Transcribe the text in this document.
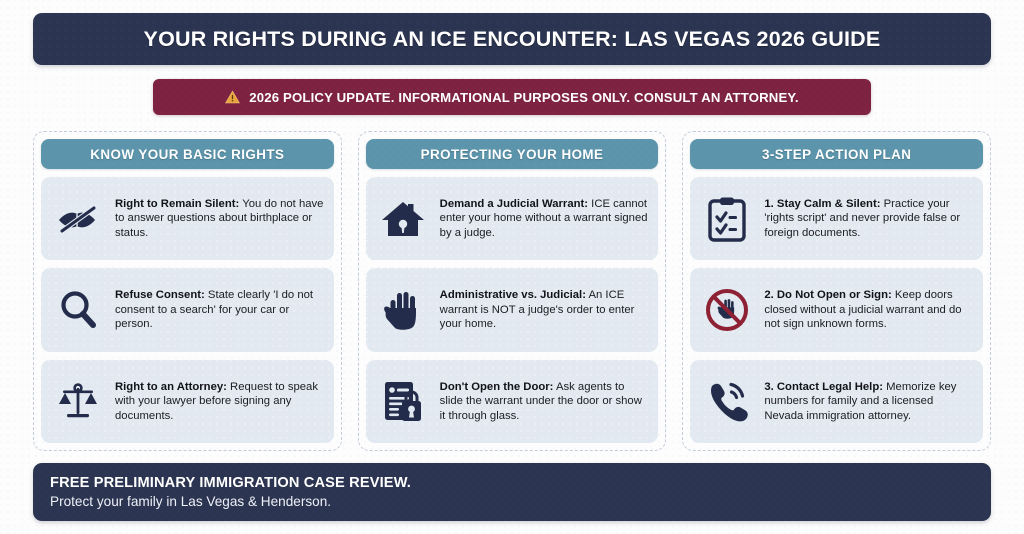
YOUR RIGHTS DURING AN ICE ENCOUNTER: LAS VEGAS 2026 GUIDE
2026 POLICY UPDATE. INFORMATIONAL PURPOSES ONLY. CONSULT AN ATTORNEY.
KNOW YOUR BASIC RIGHTS
Right to Remain Silent: You do not have to answer questions about birthplace or status.
Refuse Consent: State clearly 'I do not consent to a search' for your car or person.
Right to an Attorney: Request to speak with your lawyer before signing any documents.
PROTECTING YOUR HOME
Demand a Judicial Warrant: ICE cannot enter your home without a warrant signed by a judge.
Administrative vs. Judicial: An ICE warrant is NOT a judge's order to enter your home.
Don't Open the Door: Ask agents to slide the warrant under the door or show it through glass.
3-STEP ACTION PLAN
1. Stay Calm & Silent: Practice your 'rights script' and never provide false or foreign documents.
2. Do Not Open or Sign: Keep doors closed without a judicial warrant and do not sign unknown forms.
3. Contact Legal Help: Memorize key numbers for family and a licensed Nevada immigration attorney.
FREE PRELIMINARY IMMIGRATION CASE REVIEW.
Protect your family in Las Vegas & Henderson.
